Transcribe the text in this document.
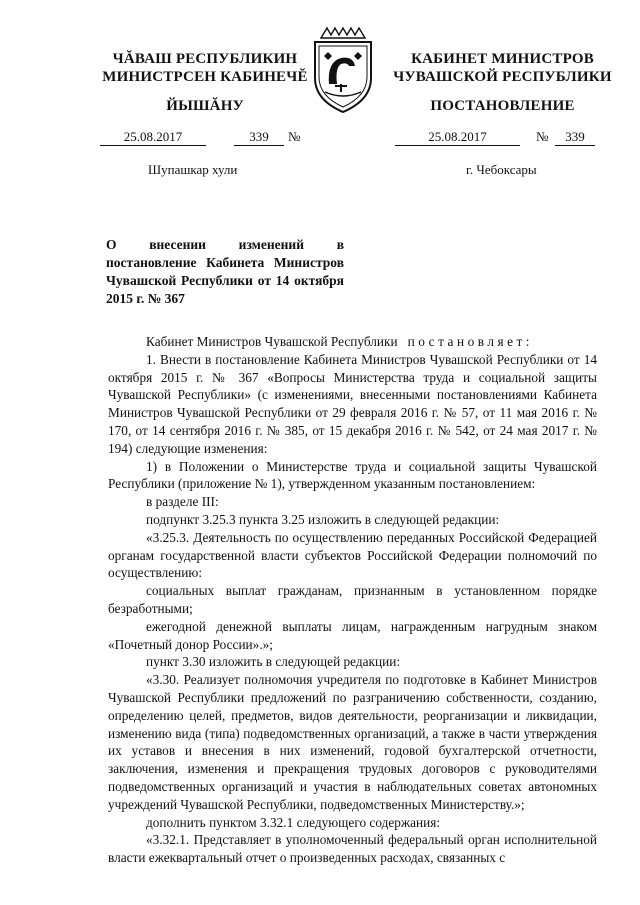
ЧĂВАШ РЕСПУБЛИКИН
МИНИСТРСЕН КАБИНЕЧĔ
ЙЫШĂНУ
КАБИНЕТ МИНИСТРОВ
ЧУВАШСКОЙ РЕСПУБЛИКИ
ПОСТАНОВЛЕНИЕ
25.08.2017	339	№	25.08.2017	№	339
Шупашкар хули	г. Чебоксары
О внесении изменений в постановление Кабинета Министров Чувашской Республики от 14 октября 2015 г. № 367

Кабинет Министров Чувашской Республики постановляет:

1. Внести в постановление Кабинета Министров Чувашской Республики от 14 октября 2015 г. № 367 «Вопросы Министерства труда и социальной защиты Чувашской Республики» (с изменениями, внесенными постановлениями Кабинета Министров Чувашской Республики от 29 февраля 2016 г. № 57, от 11 мая 2016 г. № 170, от 14 сентября 2016 г. № 385, от 15 декабря 2016 г. № 542, от 24 мая 2017 г. № 194) следующие изменения:

1) в Положении о Министерстве труда и социальной защиты Чувашской Республики (приложение № 1), утвержденном указанным постановлением:

в разделе III:

подпункт 3.25.3 пункта 3.25 изложить в следующей редакции:

«3.25.3. Деятельность по осуществлению переданных Российской Федерацией органам государственной власти субъектов Российской Федерации полномочий по осуществлению:

социальных выплат гражданам, признанным в установленном порядке безработными;

ежегодной денежной выплаты лицам, награжденным нагрудным знаком «Почетный донор России».»;

пункт 3.30 изложить в следующей редакции:

«3.30. Реализует полномочия учредителя по подготовке в Кабинет Министров Чувашской Республики предложений по разграничению собственности, созданию, определению целей, предметов, видов деятельности, реорганизации и ликвидации, изменению вида (типа) подведомственных организаций, а также в части утверждения их уставов и внесения в них изменений, годовой бухгалтерской отчетности, заключения, изменения и прекращения трудовых договоров с руководителями подведомственных организаций и участия в наблюдательных советах автономных учреждений Чувашской Республики, подведомственных Министерству.»;

дополнить пунктом 3.32.1 следующего содержания:

«3.32.1. Представляет в уполномоченный федеральный орган исполнительной власти ежеквартальный отчет о произведенных расходах, связанных с
